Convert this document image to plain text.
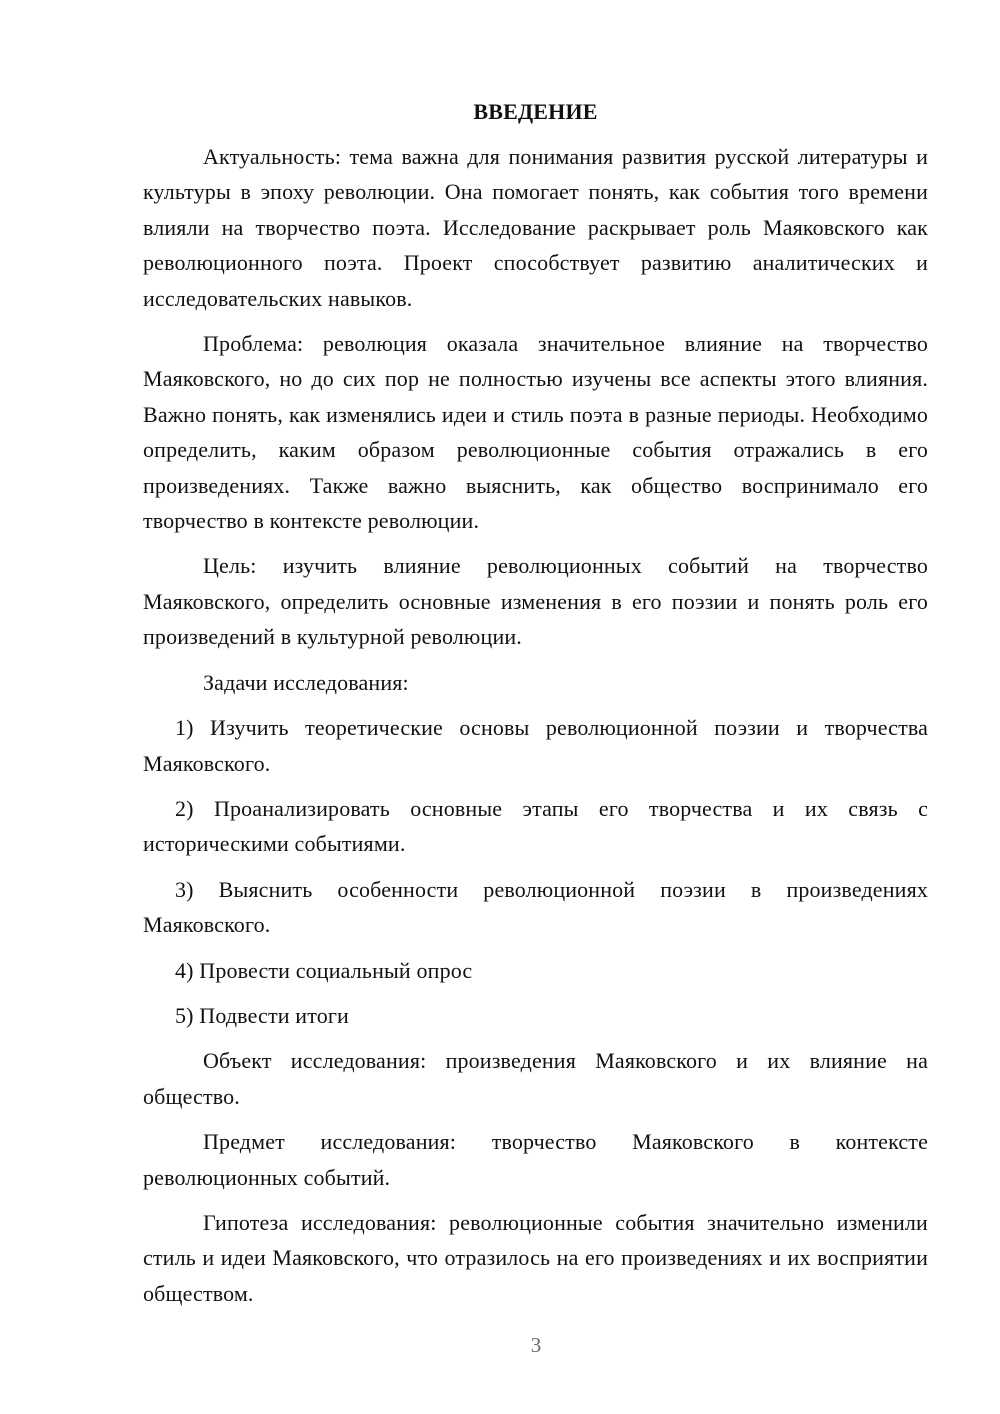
ВВЕДЕНИЕ

Актуальность: тема важна для понимания развития русской литературы и культуры в эпоху революции. Она помогает понять, как события того времени влияли на творчество поэта. Исследование раскрывает роль Маяковского как революционного поэта. Проект способствует развитию аналитических и исследовательских навыков.

Проблема: революция оказала значительное влияние на творчество Маяковского, но до сих пор не полностью изучены все аспекты этого влияния. Важно понять, как изменялись идеи и стиль поэта в разные периоды. Необходимо определить, каким образом революционные события отражались в его произведениях. Также важно выяснить, как общество воспринимало его творчество в контексте революции.

Цель: изучить влияние революционных событий на творчество Маяковского, определить основные изменения в его поэзии и понять роль его произведений в культурной революции.

Задачи исследования:

1) Изучить теоретические основы революционной поэзии и творчества Маяковского.

2) Проанализировать основные этапы его творчества и их связь с историческими событиями.

3) Выяснить особенности революционной поэзии в произведениях Маяковского.

4) Провести социальный опрос

5) Подвести итоги

Объект исследования: произведения Маяковского и их влияние на общество.

Предмет исследования: творчество Маяковского в контексте революционных событий.

Гипотеза исследования: революционные события значительно изменили стиль и идеи Маяковского, что отразилось на его произведениях и их восприятии обществом.

3
